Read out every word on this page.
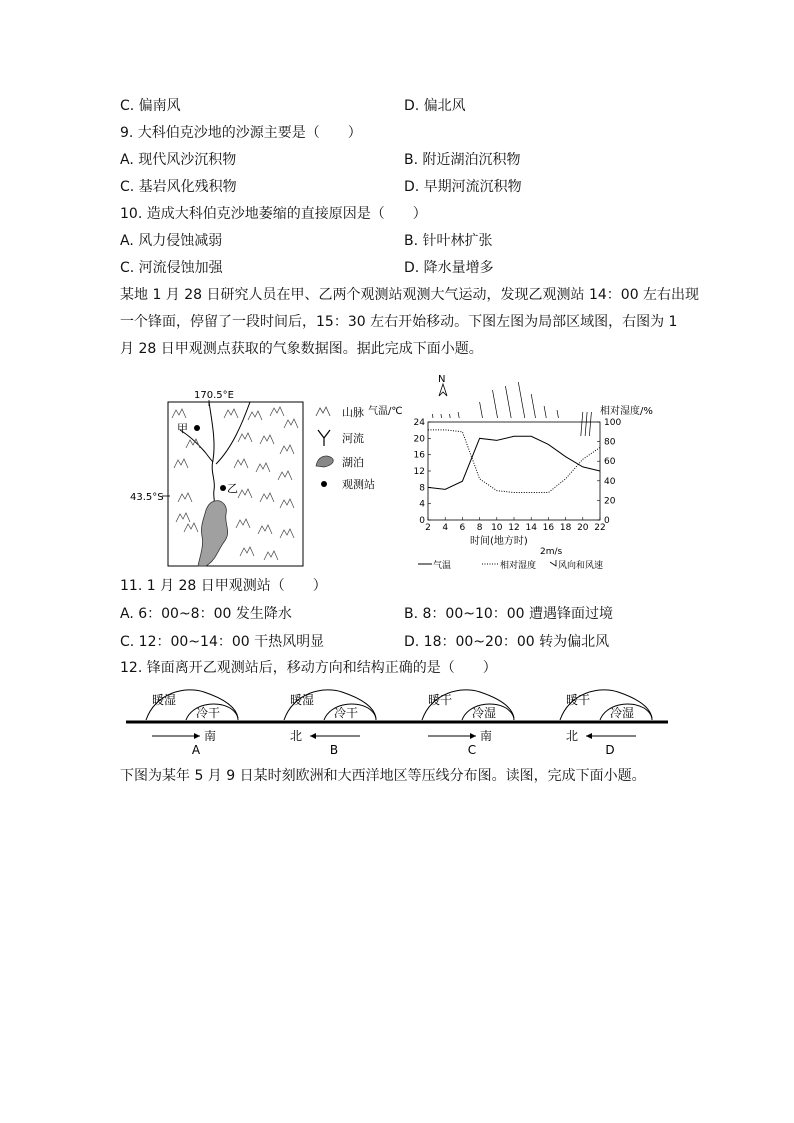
C. 偏南风	D. 偏北风
9. 大科伯克沙地的沙源主要是（　　）
A. 现代风沙沉积物	B. 附近湖泊沉积物
C. 基岩风化残积物	D. 早期河流沉积物
10. 造成大科伯克沙地萎缩的直接原因是（　　）
A. 风力侵蚀减弱	B. 针叶林扩张
C. 河流侵蚀加强	D. 降水量增多
某地 1 月 28 日研究人员在甲、乙两个观测站观测大气运动，发现乙观测站 14：00 左右出现
一个锋面，停留了一段时间后，15：30 左右开始移动。下图左图为局部区域图，右图为 1
月 28 日甲观测点获取的气象数据图。据此完成下面小题。
170.5°E
43.5°S
甲
乙
山脉
河流
湖泊
观测站
N
气温/℃	相对湿度/%
时间(地方时)
2m/s
2 4 6 8 10 12 14 16 18 20 22
0
4
8
12
16
20
24
0
20
40
60
80
100
气温	相对湿度 风向和风速
11. 1 月 28 日甲观测站（　　）
A. 6：00~8：00 发生降水	B. 8：00~10：00 遭遇锋面过境
C. 12：00~14：00 干热风明显	D. 18：00~20：00 转为偏北风
12. 锋面离开乙观测站后，移动方向和结构正确的是（　　）
暖湿
冷干
南
A
暖湿
冷干
北
B
暖干
冷湿
南
C
暖干
冷湿
北
D
下图为某年 5 月 9 日某时刻欧洲和大西洋地区等压线分布图。读图，完成下面小题。
